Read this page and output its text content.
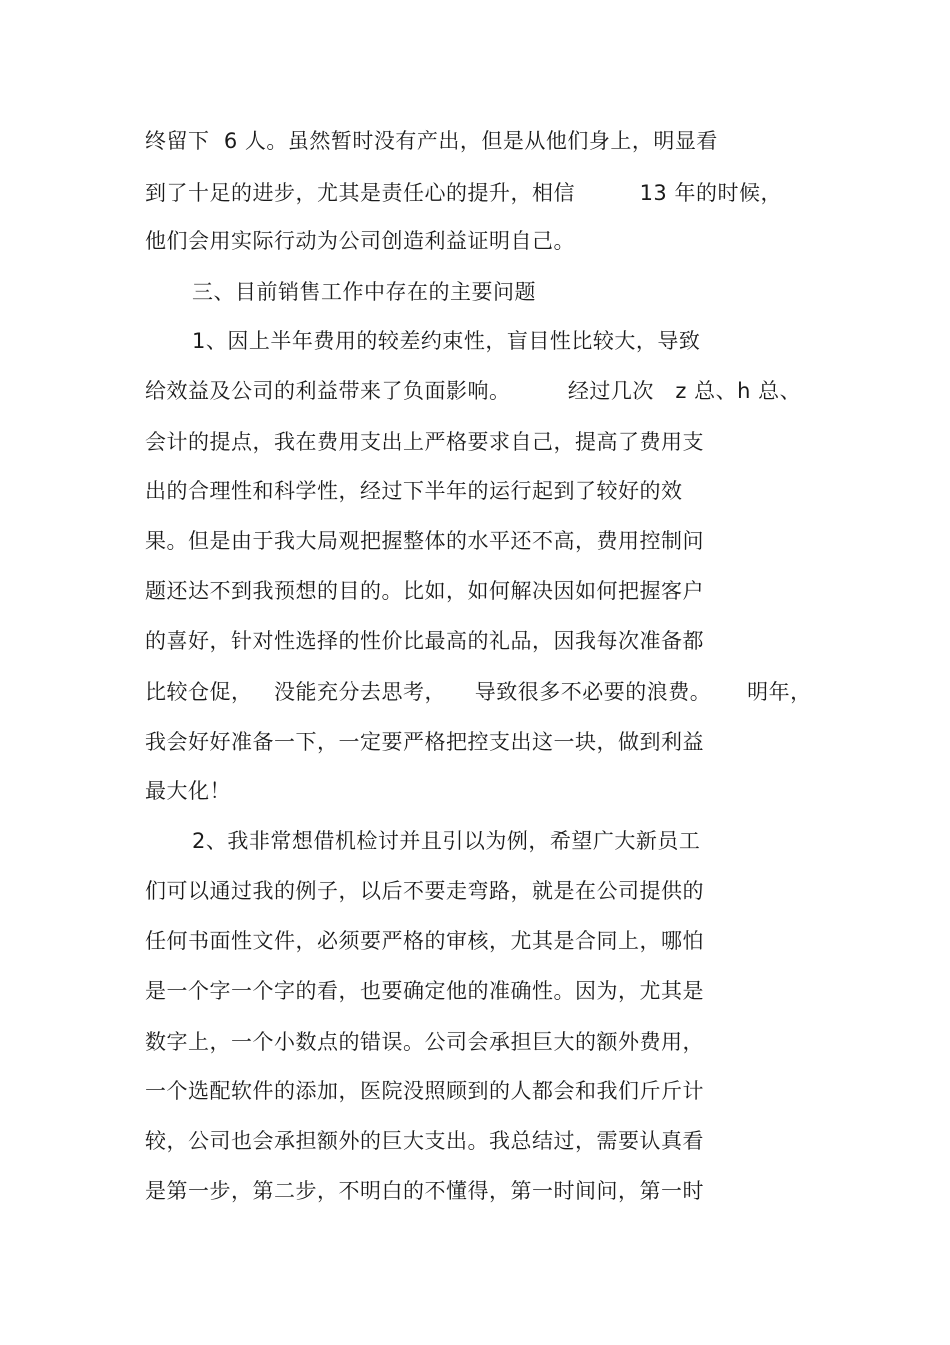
终留下  6 人。虽然暂时没有产出，但是从他们身上，明显看

到了十足的进步，尤其是责任心的提升，相信         13 年的时候，

他们会用实际行动为公司创造利益证明自己。

三、目前销售工作中存在的主要问题

1、因上半年费用的较差约束性，盲目性比较大，导致

给效益及公司的利益带来了负面影响。        经过几次   z 总、h 总、

会计的提点，我在费用支出上严格要求自己，提高了费用支

出的合理性和科学性，经过下半年的运行起到了较好的效

果。但是由于我大局观把握整体的水平还不高，费用控制问

题还达不到我预想的目的。比如，如何解决因如何把握客户

的喜好，针对性选择的性价比最高的礼品，因我每次准备都

比较仓促，   没能充分去思考，    导致很多不必要的浪费。     明年，

我会好好准备一下，一定要严格把控支出这一块，做到利益

最大化！

2、我非常想借机检讨并且引以为例，希望广大新员工

们可以通过我的例子，以后不要走弯路，就是在公司提供的

任何书面性文件，必须要严格的审核，尤其是合同上，哪怕

是一个字一个字的看，也要确定他的准确性。因为，尤其是

数字上，一个小数点的错误。公司会承担巨大的额外费用，

一个选配软件的添加，医院没照顾到的人都会和我们斤斤计

较，公司也会承担额外的巨大支出。我总结过，需要认真看

是第一步，第二步，不明白的不懂得，第一时间问，第一时
